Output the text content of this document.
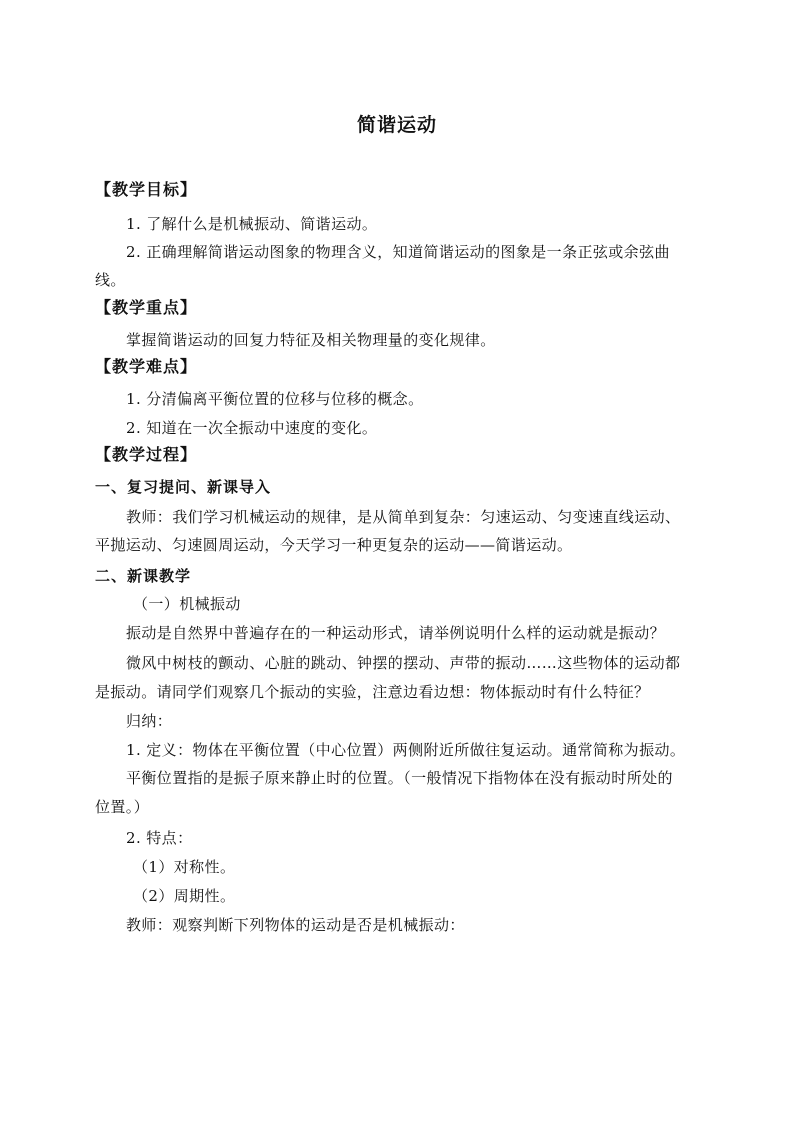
简谐运动
【教学目标】
1. 了解什么是机械振动、简谐运动。
2. 正确理解简谐运动图象的物理含义，知道简谐运动的图象是一条正弦或余弦曲
线。
【教学重点】
掌握简谐运动的回复力特征及相关物理量的变化规律。
【教学难点】
1. 分清偏离平衡位置的位移与位移的概念。
2. 知道在一次全振动中速度的变化。
【教学过程】
一、复习提问、新课导入
教师：我们学习机械运动的规律，是从简单到复杂：匀速运动、匀变速直线运动、
平抛运动、匀速圆周运动，今天学习一种更复杂的运动——简谐运动。
二、新课教学
（一）机械振动
振动是自然界中普遍存在的一种运动形式，请举例说明什么样的运动就是振动？
微风中树枝的颤动、心脏的跳动、钟摆的摆动、声带的振动……这些物体的运动都
是振动。请同学们观察几个振动的实验，注意边看边想：物体振动时有什么特征？
归纳：
1. 定义：物体在平衡位置（中心位置）两侧附近所做往复运动。通常简称为振动。
平衡位置指的是振子原来静止时的位置。（一般情况下指物体在没有振动时所处的
位置。）
2. 特点：
（1）对称性。
（2）周期性。
教师：观察判断下列物体的运动是否是机械振动：
